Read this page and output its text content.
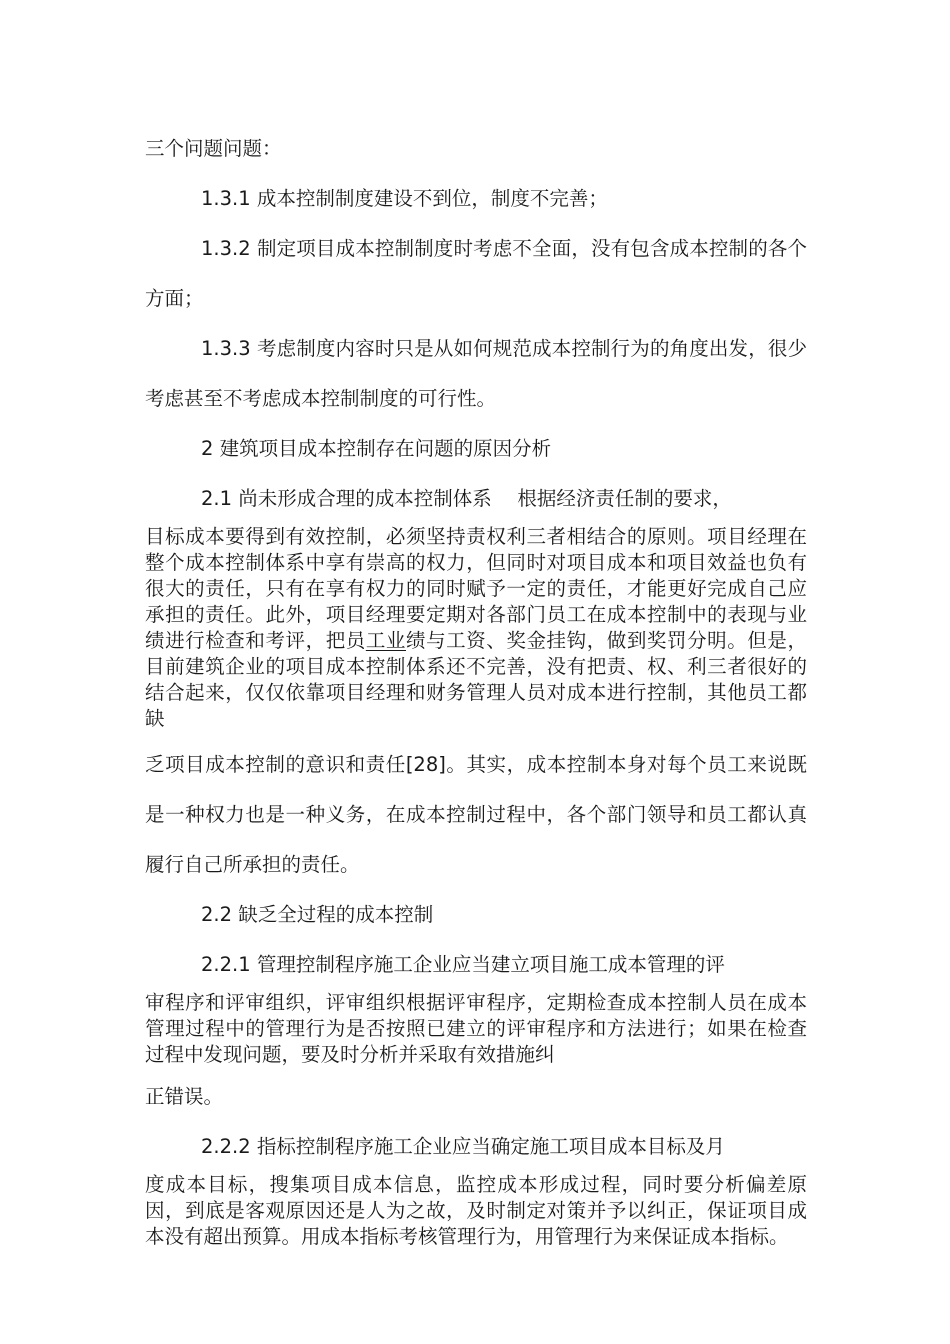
三个问题问题：

1.3.1 成本控制制度建设不到位，制度不完善；

1.3.2 制定项目成本控制制度时考虑不全面，没有包含成本控制的各个方面；

1.3.3 考虑制度内容时只是从如何规范成本控制行为的角度出发，很少考虑甚至不考虑成本控制制度的可行性。

2 建筑项目成本控制存在问题的原因分析

2.1 尚未形成合理的成本控制体系　 根据经济责任制的要求，

目标成本要得到有效控制，必须坚持责权利三者相结合的原则。项目经理在整个成本控制体系中享有崇高的权力，但同时对项目成本和项目效益也负有很大的责任，只有在享有权力的同时赋予一定的责任，才能更好完成自己应承担的责任。此外，项目经理要定期对各部门员工在成本控制中的表现与业绩进行检查和考评，把员工业绩与工资、奖金挂钩，做到奖罚分明。但是，目前建筑企业的项目成本控制体系还不完善，没有把责、权、利三者很好的结合起来，仅仅依靠项目经理和财务管理人员对成本进行控制，其他员工都缺

乏项目成本控制的意识和责任[28]。其实，成本控制本身对每个员工来说既是一种权力也是一种义务，在成本控制过程中，各个部门领导和员工都认真履行自己所承担的责任。

2.2 缺乏全过程的成本控制

2.2.1 管理控制程序施工企业应当建立项目施工成本管理的评

审程序和评审组织，评审组织根据评审程序，定期检查成本控制人员在成本管理过程中的管理行为是否按照已建立的评审程序和方法进行；如果在检查过程中发现问题，要及时分析并采取有效措施纠

正错误。

2.2.2 指标控制程序施工企业应当确定施工项目成本目标及月

度成本目标，搜集项目成本信息，监控成本形成过程，同时要分析偏差原因，到底是客观原因还是人为之故，及时制定对策并予以纠正，保证项目成本没有超出预算。用成本指标考核管理行为，用管理行为来保证成本指标。
